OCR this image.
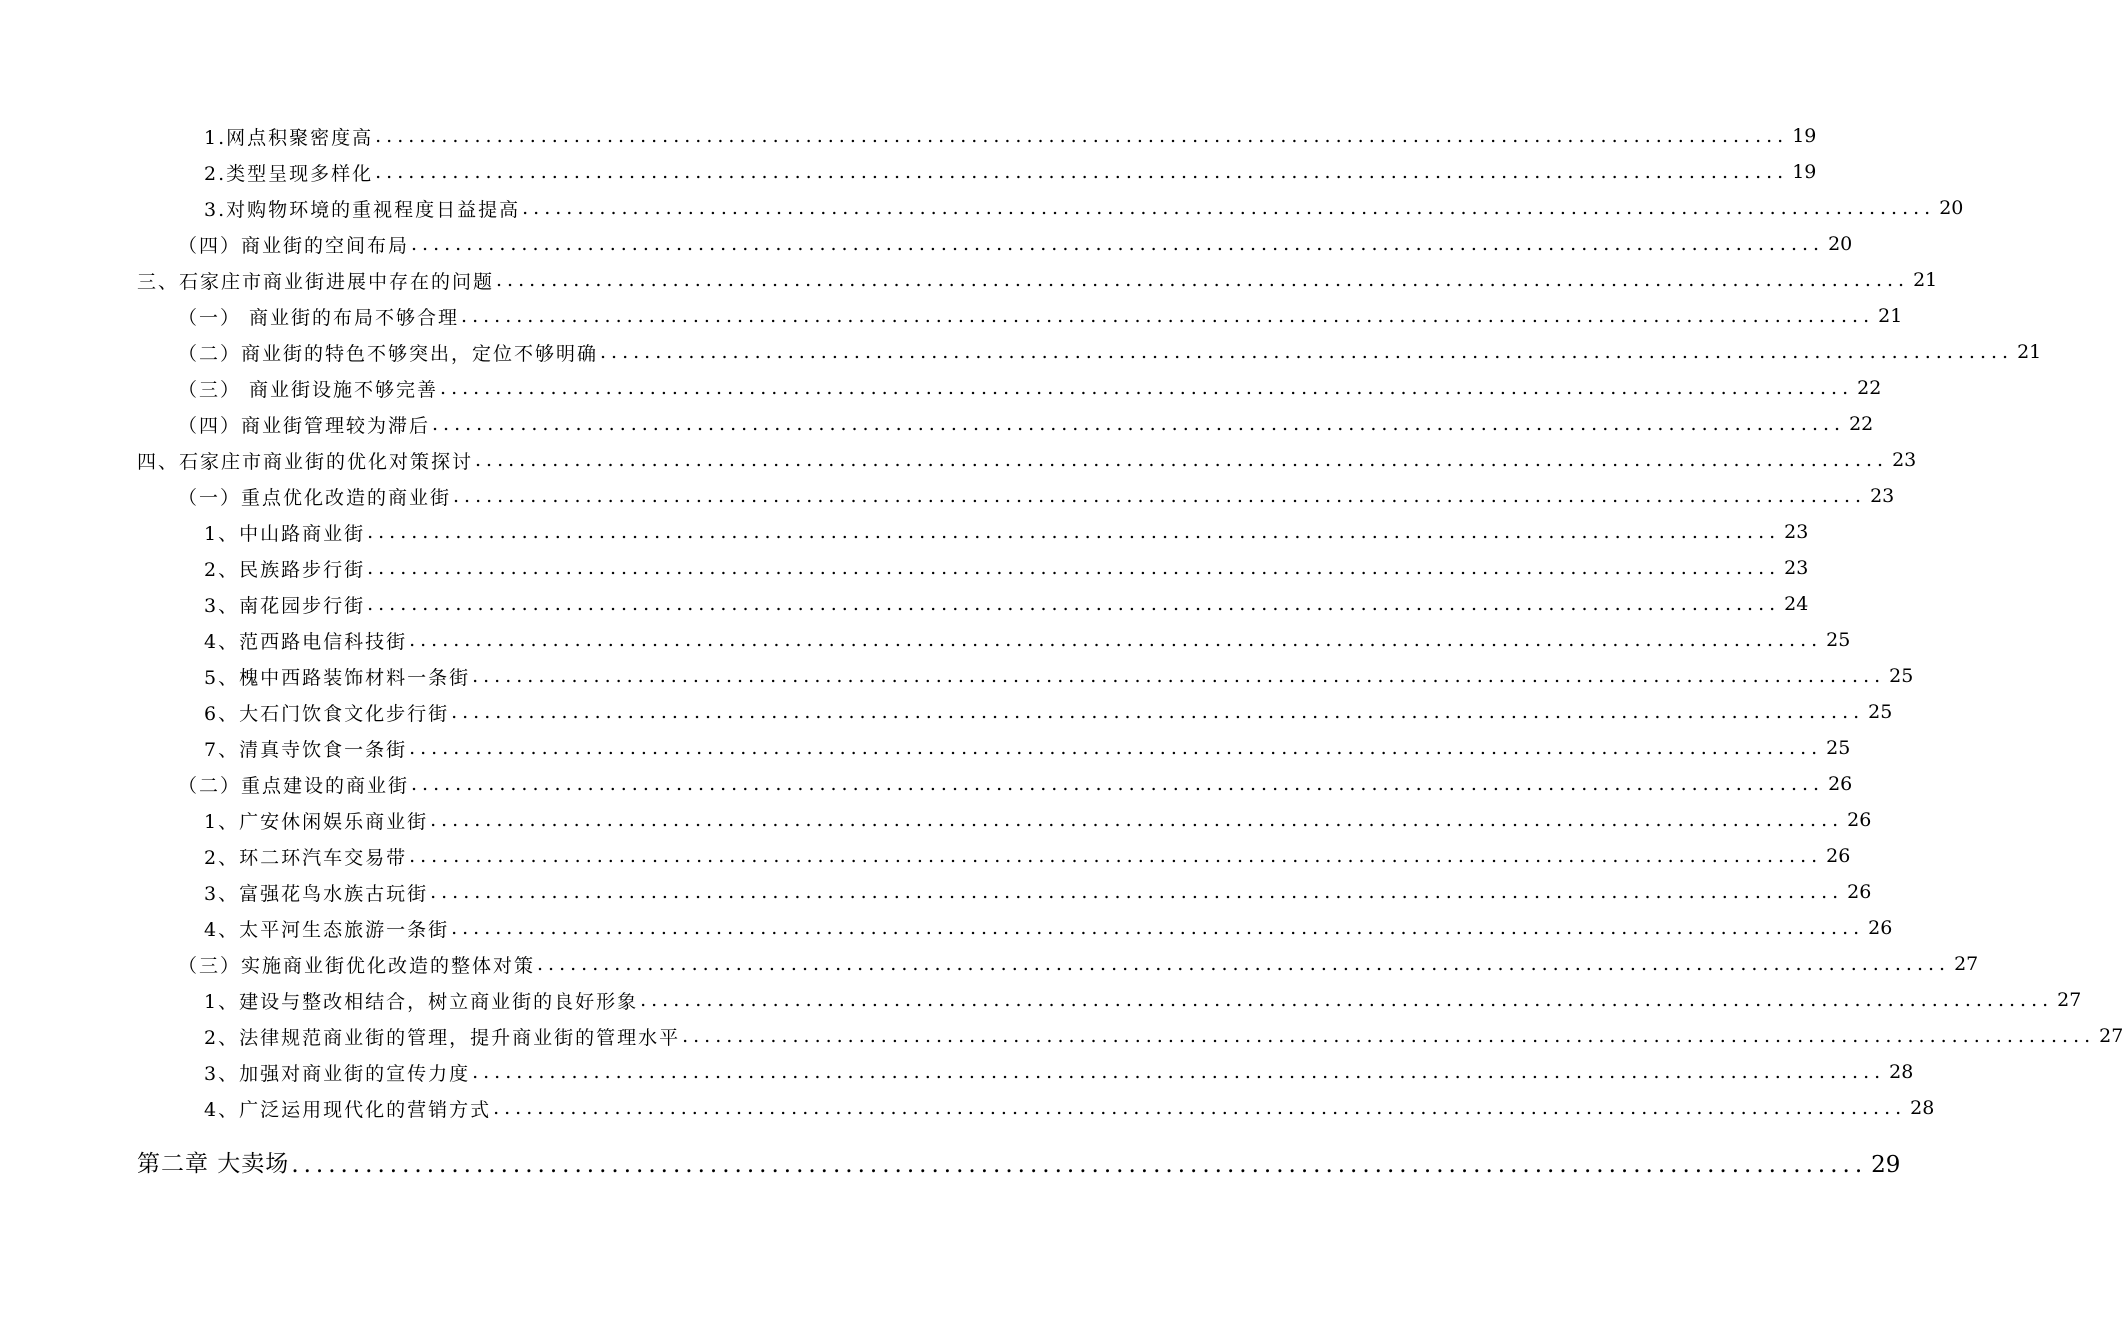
1.网点积聚密度高 ................................................................................................................................ 19
2.类型呈现多样化 ................................................................................................................................ 19
3.对购物环境的重视程度日益提高 ................................................................................................................................ 20
（四）商业街的空间布局 ................................................................................................................................ 20
三、石家庄市商业街进展中存在的问题 ................................................................................................................................ 21
（一） 商业街的布局不够合理 ................................................................................................................................ 21
（二）商业街的特色不够突出，定位不够明确 ................................................................................................................................ 21
（三） 商业街设施不够完善 ................................................................................................................................ 22
（四）商业街管理较为滞后 ................................................................................................................................ 22
四、石家庄市商业街的优化对策探讨 ................................................................................................................................ 23
（一）重点优化改造的商业街 ................................................................................................................................ 23
1、中山路商业街 ................................................................................................................................ 23
2、民族路步行街 ................................................................................................................................ 23
3、南花园步行街 ................................................................................................................................ 24
4、范西路电信科技街 ................................................................................................................................ 25
5、槐中西路装饰材料一条街 ................................................................................................................................ 25
6、大石门饮食文化步行街 ................................................................................................................................ 25
7、清真寺饮食一条街 ................................................................................................................................ 25
（二）重点建设的商业街 ................................................................................................................................ 26
1、广安休闲娱乐商业街 ................................................................................................................................ 26
2、环二环汽车交易带 ................................................................................................................................ 26
3、富强花鸟水族古玩街 ................................................................................................................................ 26
4、太平河生态旅游一条街 ................................................................................................................................ 26
（三）实施商业街优化改造的整体对策 ................................................................................................................................ 27
1、建设与整改相结合，树立商业街的良好形象 ................................................................................................................................ 27
2、法律规范商业街的管理，提升商业街的管理水平 ................................................................................................................................ 27
3、加强对商业街的宣传力度 ................................................................................................................................ 28
4、广泛运用现代化的营销方式 ................................................................................................................................ 28
第二章 大卖场 ................................................................................................................................ 29
